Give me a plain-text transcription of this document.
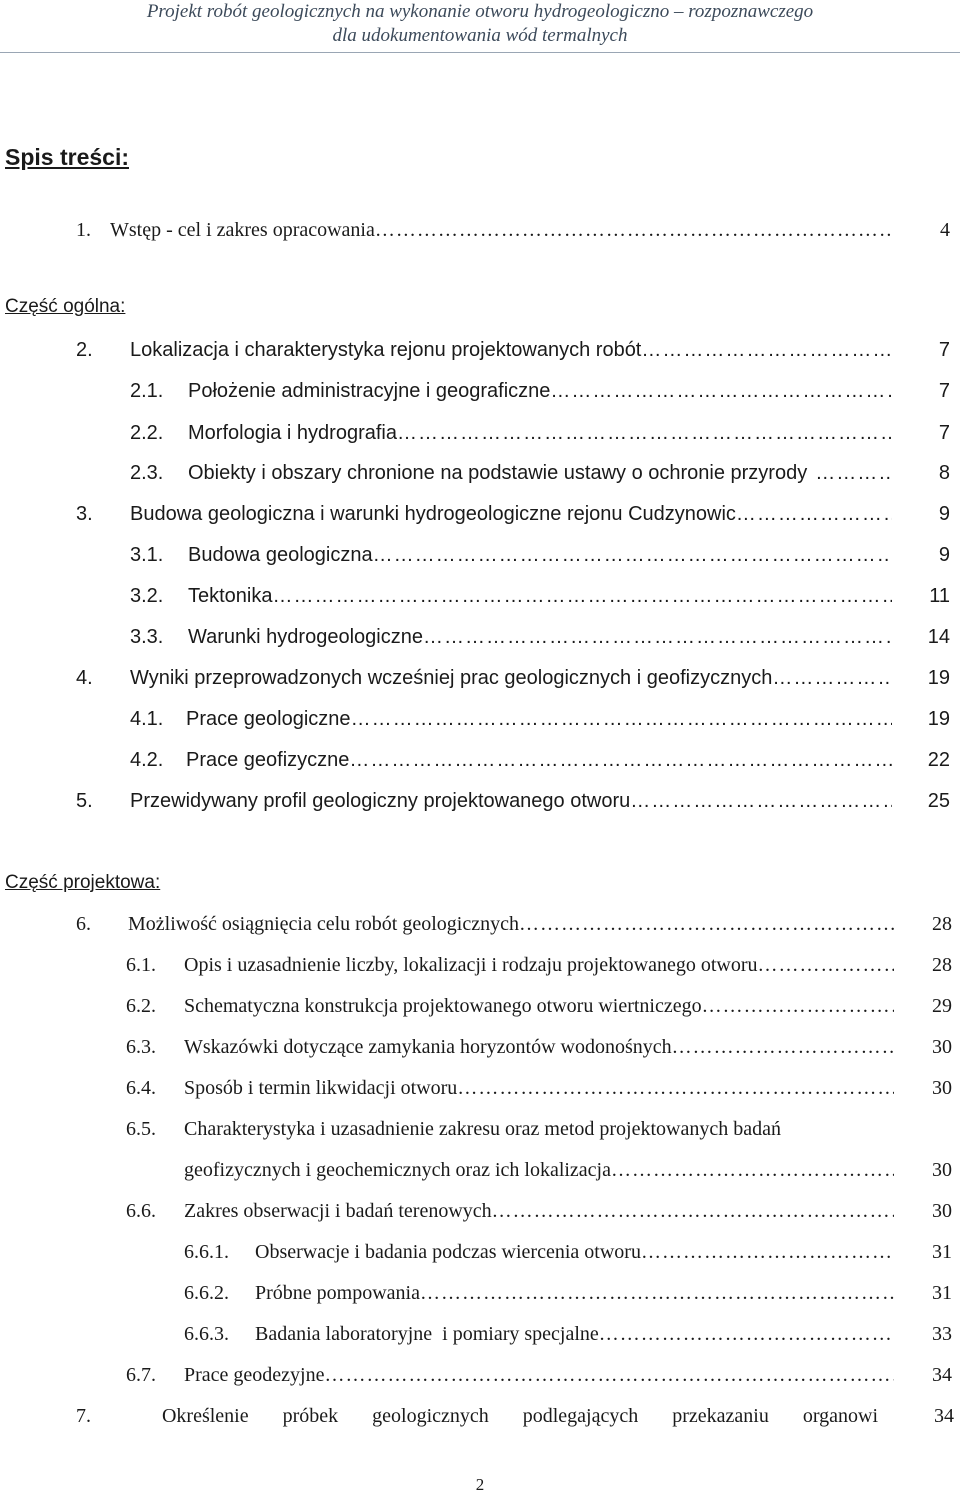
Projekt robót geologicznych na wykonanie otworu hydrogeologiczno – rozpoznawczego
dla udokumentowania wód termalnych
Spis treści:
1. Wstęp - cel i zakres opracowania ………………………………………………………………………………………………………………………………	4
Część ogólna:
2.	Lokalizacja i charakterystyka rejonu projektowanych robót ………………………………………………………………………………………………………………………………	7
2.1.	Położenie administracyjne i geograficzne ………………………………………………………………………………………………………………………………	7
2.2.	Morfologia i hydrografia ………………………………………………………………………………………………………………………………	7
2.3.	Obiekty i obszary chronione na podstawie ustawy o ochronie przyrody ………………………………………………………………………………………………………………………………	8
3.	Budowa geologiczna i warunki hydrogeologiczne rejonu Cudzynowic ………………………………………………………………………………………………………………………………	9
3.1.	Budowa geologiczna ………………………………………………………………………………………………………………………………	9
3.2.	Tektonika ………………………………………………………………………………………………………………………………	11
3.3.	Warunki hydrogeologiczne ………………………………………………………………………………………………………………………………	14
4.	Wyniki przeprowadzonych wcześniej prac geologicznych i geofizycznych ………………………………………………………………………………………………………………………………	19
4.1.	Prace geologiczne ………………………………………………………………………………………………………………………………	19
4.2.	Prace geofizyczne ………………………………………………………………………………………………………………………………	22
5.	Przewidywany profil geologiczny projektowanego otworu ………………………………………………………………………………………………………………………………	25
Część projektowa:
6.	Możliwość osiągnięcia celu robót geologicznych ………………………………………………………………………………………………………………………………	28
6.1.	Opis i uzasadnienie liczby, lokalizacji i rodzaju projektowanego otworu ………………………………………………………………………………………………………………………………	28
6.2.	Schematyczna konstrukcja projektowanego otworu wiertniczego ………………………………………………………………………………………………………………………………	29
6.3.	Wskazówki dotyczące zamykania horyzontów wodonośnych ………………………………………………………………………………………………………………………………	30
6.4.	Sposób i termin likwidacji otworu ………………………………………………………………………………………………………………………………	30
6.5.	Charakterystyka i uzasadnienie zakresu oraz metod projektowanych badań
geofizycznych i geochemicznych oraz ich lokalizacja ………………………………………………………………………………………………………………………………	30
6.6.	Zakres obserwacji i badań terenowych ………………………………………………………………………………………………………………………………	30
6.6.1.	Obserwacje i badania podczas wiercenia otworu ………………………………………………………………………………………………………………………………	31
6.6.2.	Próbne pompowania ………………………………………………………………………………………………………………………………	31
6.6.3.	Badania laboratoryjne  i pomiary specjalne ………………………………………………………………………………………………………………………………	33
6.7.	Prace geodezyjne ………………………………………………………………………………………………………………………………	34
7.	Określenie próbek geologicznych podlegających przekazaniu organowi	34
2
